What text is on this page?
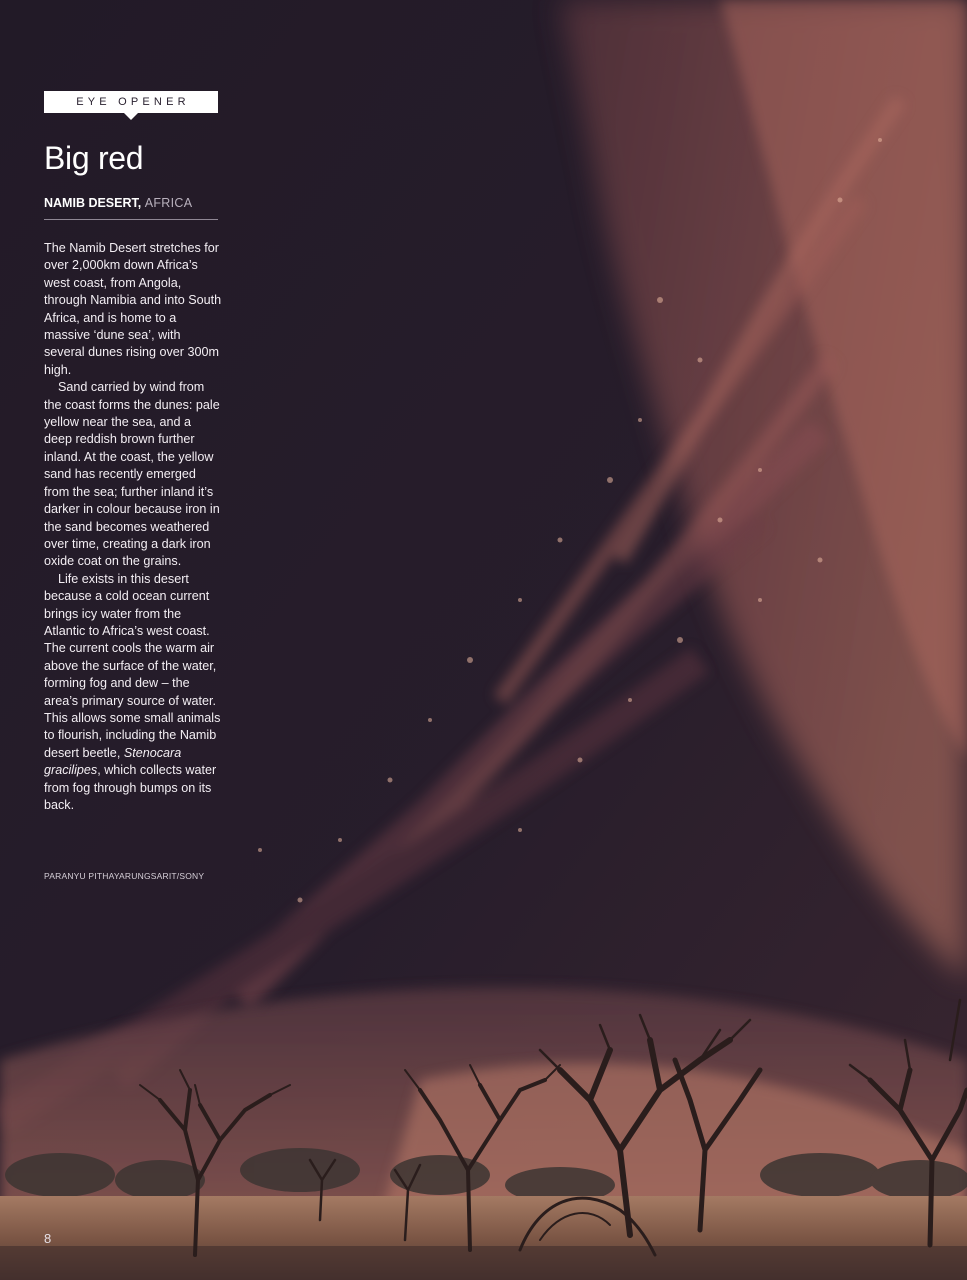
EYE OPENER
Big red
NAMIB DESERT, AFRICA

The Namib Desert stretches for over 2,000km down Africa’s west coast, from Angola, through Namibia and into South Africa, and is home to a massive ‘dune sea’, with several dunes rising over 300m high.

Sand carried by wind from the coast forms the dunes: pale yellow near the sea, and a deep reddish brown further inland. At the coast, the yellow sand has recently emerged from the sea; further inland it’s darker in colour because iron in the sand becomes weathered over time, creating a dark iron oxide coat on the grains.

Life exists in this desert because a cold ocean current brings icy water from the Atlantic to Africa’s west coast. The current cools the warm air above the surface of the water, forming fog and dew – the area’s primary source of water. This allows some small animals to flourish, including the Namib desert beetle, Stenocara gracilipes, which collects water from fog through bumps on its back.

PARANYU PITHAYARUNGSARIT/SONY
8
